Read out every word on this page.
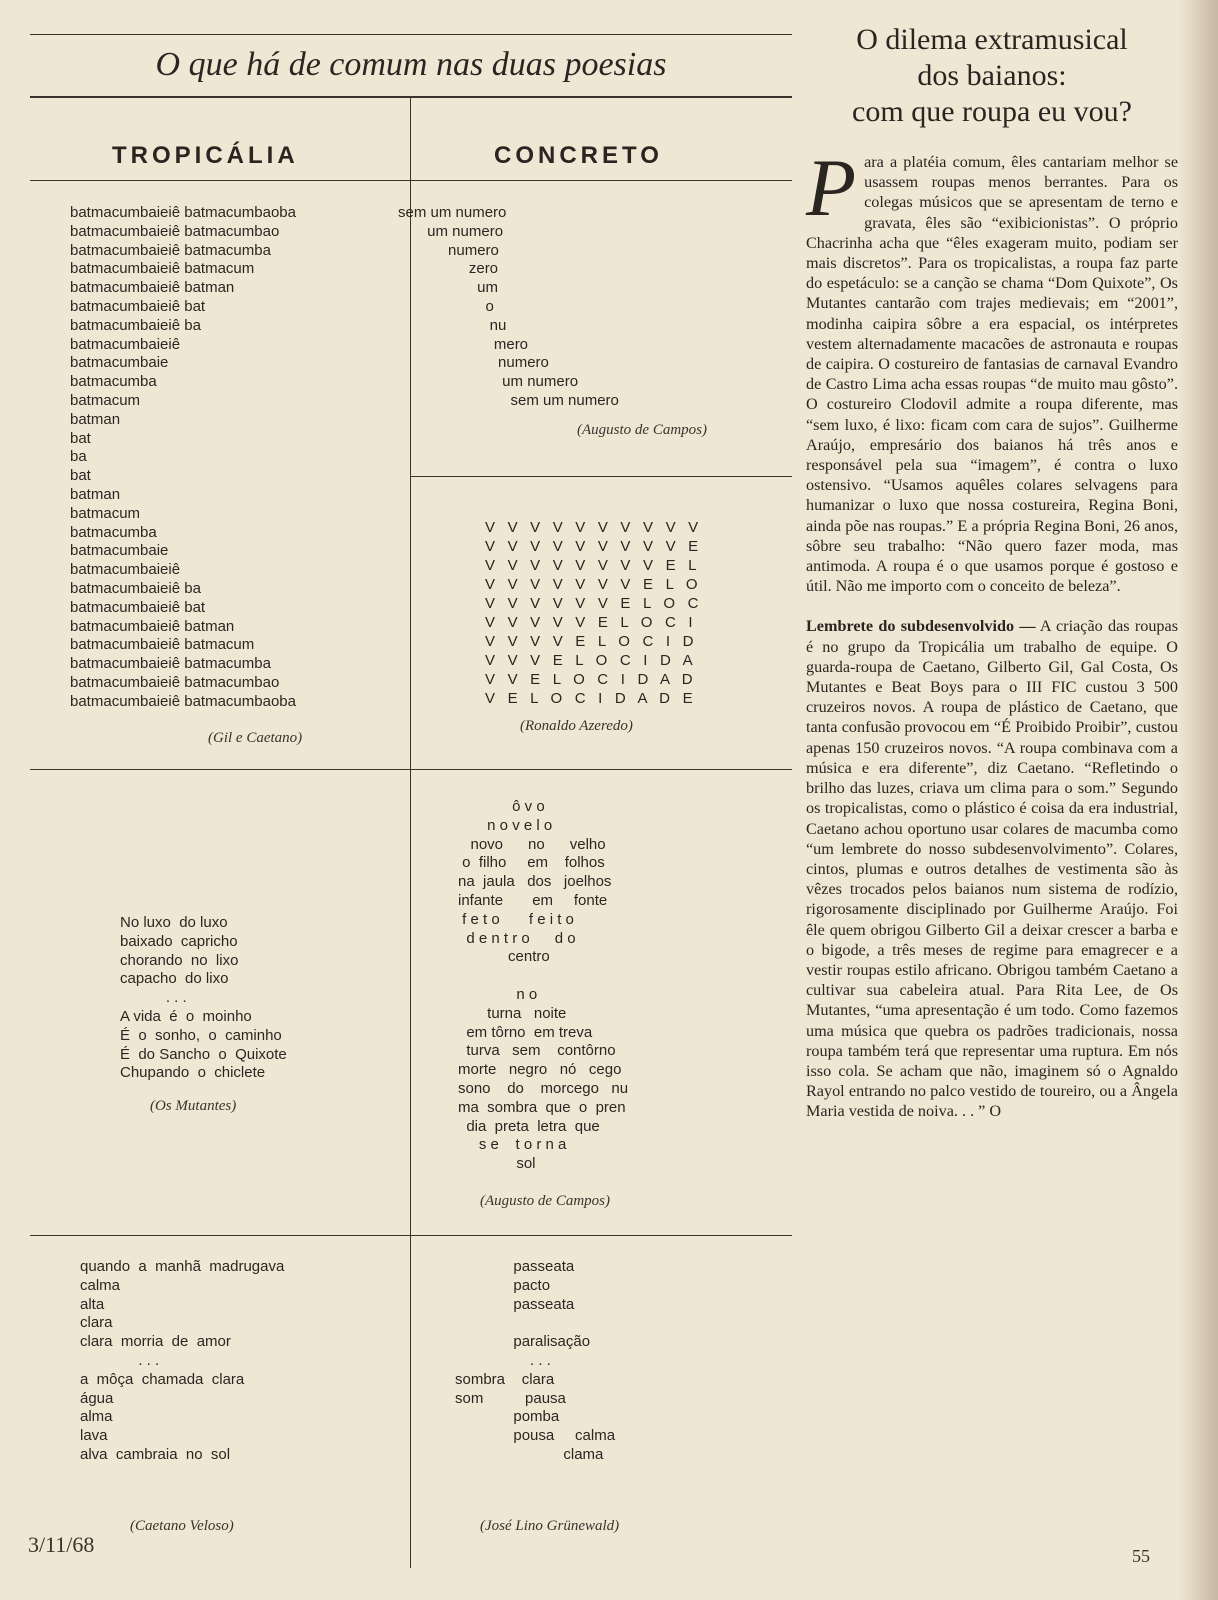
O que há de comum nas duas poesias
TROPICÁLIA	CONCRETO
batmacumbaieiê batmacumbaoba
batmacumbaieiê batmacumbao
batmacumbaieiê batmacumba
batmacumbaieiê batmacum
batmacumbaieiê batman
batmacumbaieiê bat
batmacumbaieiê ba
batmacumbaieiê
batmacumbaie
batmacumba
batmacum
batman
bat
ba
bat
batman
batmacum
batmacumba
batmacumbaie
batmacumbaieiê
batmacumbaieiê ba
batmacumbaieiê bat
batmacumbaieiê batman
batmacumbaieiê batmacum
batmacumbaieiê batmacumba
batmacumbaieiê batmacumbao
batmacumbaieiê batmacumbaoba
(Gil e Caetano)
sem um numero
um numero
numero
zero
um
o
nu
mero
numero
um numero
sem um numero
(Augusto de Campos)
V V V V V V V V V V
V V V V V V V V V E
V V V V V V V V E L
V V V V V V V E L O
V V V V V V E L O C
V V V V V E L O C I
V V V V E L O C I D
V V V E L O C I D A
V V E L O C I D A D
V E L O C I D A D E
(Ronaldo Azeredo)
No luxo  do luxo
baixado  capricho
chorando  no  lixo
capacho  do lixo
. . .
A vida  é  o  moinho
É  o  sonho,  o  caminho
É  do Sancho  o  Quixote
Chupando  o  chiclete
(Os Mutantes)
ô v o
n o v e l o
novo      no      velho
o  filho     em    folhos
na  jaula   dos   joelhos
infante       em     fonte
f e t o       f e i t o
d e n t r o      d o
centro

n o
turna   noite
em tôrno  em treva
turva   sem    contôrno
morte   negro   nó   cego
sono    do    morcego   nu
ma  sombra  que  o  pren
dia  preta  letra  que
s e    t o r n a
sol
(Augusto de Campos)
quando  a  manhã  madrugava
calma
alta
clara
clara  morria  de  amor
. . .
a  môça  chamada  clara
água
alma
lava
alva  cambraia  no  sol
(Caetano Veloso)
passeata
pacto
passeata

paralisação
. . .
sombra    clara
som          pausa
pomba
pousa     calma
clama
(José Lino Grünewald)
O dilema extramusical
dos baianos:
com que roupa eu vou?

Para a platéia comum, êles cantariam melhor se usassem roupas menos berrantes. Para os colegas músicos que se apresentam de terno e gravata, êles são “exibicionistas”. O próprio Chacrinha acha que “êles exageram muito, podiam ser mais discretos”. Para os tropicalistas, a roupa faz parte do espetáculo: se a canção se chama “Dom Quixote”, Os Mutantes cantarão com trajes medievais; em “2001”, modinha caipira sôbre a era espacial, os intérpretes vestem alternadamente macacões de astronauta e roupas de caipira. O costureiro de fantasias de carnaval Evandro de Castro Lima acha essas roupas “de muito mau gôsto”. O costureiro Clodovil admite a roupa diferente, mas “sem luxo, é lixo: ficam com cara de sujos”. Guilherme Araújo, empresário dos baianos há três anos e responsável pela sua “imagem”, é contra o luxo ostensivo. “Usamos aquêles colares selvagens para humanizar o luxo que nossa costureira, Regina Boni, ainda põe nas roupas.” E a própria Regina Boni, 26 anos, sôbre seu trabalho: “Não quero fazer moda, mas antimoda. A roupa é o que usamos porque é gostoso e útil. Não me importo com o conceito de beleza”.

Lembrete do subdesenvolvido — A criação das roupas é no grupo da Tropicália um trabalho de equipe. O guarda-roupa de Caetano, Gilberto Gil, Gal Costa, Os Mutantes e Beat Boys para o III FIC custou 3 500 cruzeiros novos. A roupa de plástico de Caetano, que tanta confusão provocou em “É Proibido Proibir”, custou apenas 150 cruzeiros novos. “A roupa combinava com a música e era diferente”, diz Caetano. “Refletindo o brilho das luzes, criava um clima para o som.” Segundo os tropicalistas, como o plástico é coisa da era industrial, Caetano achou oportuno usar colares de macumba como “um lembrete do nosso subdesenvolvimento”. Colares, cintos, plumas e outros detalhes de vestimenta são às vêzes trocados pelos baianos num sistema de rodízio, rigorosamente disciplinado por Guilherme Araújo. Foi êle quem obrigou Gilberto Gil a deixar crescer a barba e o bigode, a três meses de regime para emagrecer e a vestir roupas estilo africano. Obrigou também Caetano a cultivar sua cabeleira atual. Para Rita Lee, de Os Mutantes, “uma apresentação é um todo. Como fazemos uma música que quebra os padrões tradicionais, nossa roupa também terá que representar uma ruptura. Em nós isso cola. Se acham que não, imaginem só o Agnaldo Rayol entrando no palco vestido de toureiro, ou a Ângela Maria vestida de noiva. . . ” O

3/11/68	55
